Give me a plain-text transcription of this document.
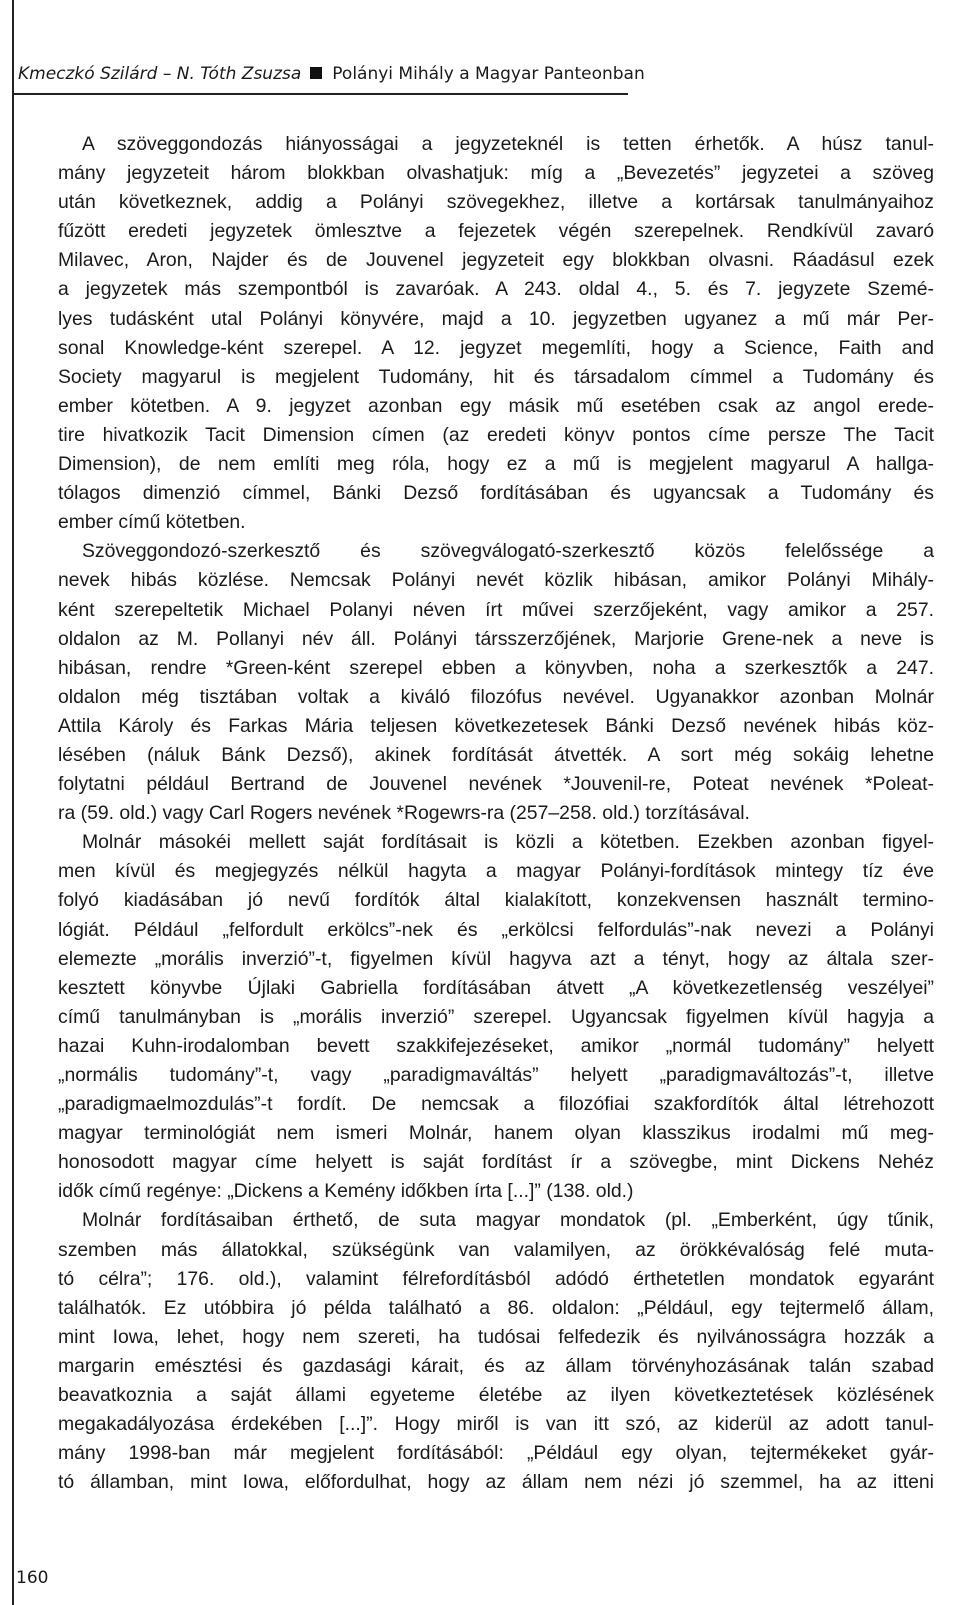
Kmeczkó Szilárd – N. Tóth Zsuzsa Polányi Mihály a Magyar Panteonban
A szöveggondozás hiányosságai a jegyzeteknél is tetten érhetők. A húsz tanul-
mány jegyzeteit három blokkban olvashatjuk: míg a „Bevezetés” jegyzetei a szöveg
után következnek, addig a Polányi szövegekhez, illetve a kortársak tanulmányaihoz
fűzött eredeti jegyzetek ömlesztve a fejezetek végén szerepelnek. Rendkívül zavaró
Milavec, Aron, Najder és de Jouvenel jegyzeteit egy blokkban olvasni. Ráadásul ezek
a jegyzetek más szempontból is zavaróak. A 243. oldal 4., 5. és 7. jegyzete Szemé-
lyes tudásként utal Polányi könyvére, majd a 10. jegyzetben ugyanez a mű már Per-
sonal Knowledge-ként szerepel. A 12. jegyzet megemlíti, hogy a Science, Faith and
Society magyarul is megjelent Tudomány, hit és társadalom címmel a Tudomány és
ember kötetben. A 9. jegyzet azonban egy másik mű esetében csak az angol erede-
tire hivatkozik Tacit Dimension címen (az eredeti könyv pontos címe persze The Tacit
Dimension), de nem említi meg róla, hogy ez a mű is megjelent magyarul A hallga-
tólagos dimenzió címmel, Bánki Dezső fordításában és ugyancsak a Tudomány és
ember című kötetben.
Szöveggondozó-szerkesztő és szövegválogató-szerkesztő közös felelőssége a
nevek hibás közlése. Nemcsak Polányi nevét közlik hibásan, amikor Polányi Mihály-
ként szerepeltetik Michael Polanyi néven írt művei szerzőjeként, vagy amikor a 257.
oldalon az M. Pollanyi név áll. Polányi társszerzőjének, Marjorie Grene-nek a neve is
hibásan, rendre *Green-ként szerepel ebben a könyvben, noha a szerkesztők a 247.
oldalon még tisztában voltak a kiváló filozófus nevével. Ugyanakkor azonban Molnár
Attila Károly és Farkas Mária teljesen következetesek Bánki Dezső nevének hibás köz-
lésében (náluk Bánk Dezső), akinek fordítását átvették. A sort még sokáig lehetne
folytatni például Bertrand de Jouvenel nevének *Jouvenil-re, Poteat nevének *Poleat-
ra (59. old.) vagy Carl Rogers nevének *Rogewrs-ra (257–258. old.) torzításával.
Molnár másokéi mellett saját fordításait is közli a kötetben. Ezekben azonban figyel-
men kívül és megjegyzés nélkül hagyta a magyar Polányi-fordítások mintegy tíz éve
folyó kiadásában jó nevű fordítók által kialakított, konzekvensen használt termino-
lógiát. Például „felfordult erkölcs”-nek és „erkölcsi felfordulás”-nak nevezi a Polányi
elemezte „morális inverzió”-t, figyelmen kívül hagyva azt a tényt, hogy az általa szer-
kesztett könyvbe Újlaki Gabriella fordításában átvett „A következetlenség veszélyei”
című tanulmányban is „morális inverzió” szerepel. Ugyancsak figyelmen kívül hagyja a
hazai Kuhn-irodalomban bevett szakkifejezéseket, amikor „normál tudomány” helyett
„normális tudomány”-t, vagy „paradigmaváltás” helyett „paradigmaváltozás”-t, illetve
„paradigmaelmozdulás”-t fordít. De nemcsak a filozófiai szakfordítók által létrehozott
magyar terminológiát nem ismeri Molnár, hanem olyan klasszikus irodalmi mű meg-
honosodott magyar címe helyett is saját fordítást ír a szövegbe, mint Dickens Nehéz
idők című regénye: „Dickens a Kemény időkben írta [...]” (138. old.)
Molnár fordításaiban érthető, de suta magyar mondatok (pl. „Emberként, úgy tűnik,
szemben más állatokkal, szükségünk van valamilyen, az örökkévalóság felé muta-
tó célra”; 176. old.), valamint félrefordításból adódó érthetetlen mondatok egyaránt
találhatók. Ez utóbbira jó példa található a 86. oldalon: „Például, egy tejtermelő állam,
mint Iowa, lehet, hogy nem szereti, ha tudósai felfedezik és nyilvánosságra hozzák a
margarin emésztési és gazdasági kárait, és az állam törvényhozásának talán szabad
beavatkoznia a saját állami egyeteme életébe az ilyen következtetések közlésének
megakadályozása érdekében [...]”. Hogy miről is van itt szó, az kiderül az adott tanul-
mány 1998-ban már megjelent fordításából: „Például egy olyan, tejtermékeket gyár-
tó államban, mint Iowa, előfordulhat, hogy az állam nem nézi jó szemmel, ha az itteni
160
